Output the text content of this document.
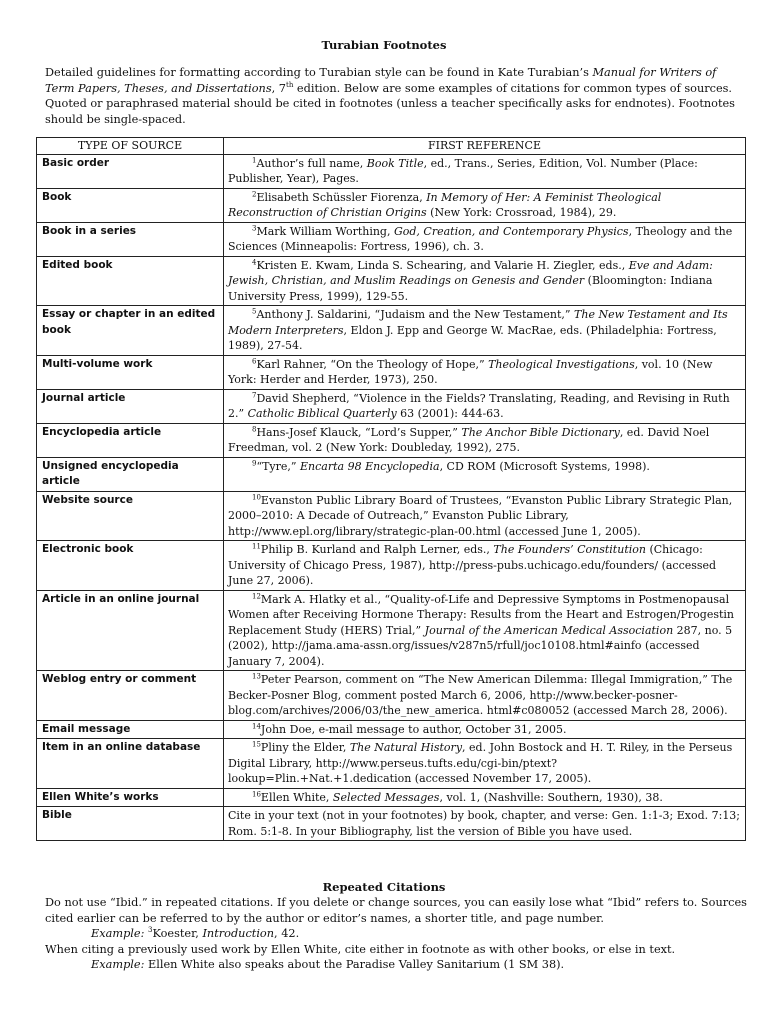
Turabian Footnotes
Detailed guidelines for formatting according to Turabian style can be found in Kate Turabian’s Manual for Writers of Term Papers, Theses, and Dissertations, 7th edition. Below are some examples of citations for common types of sources. Quoted or paraphrased material should be cited in footnotes (unless a teacher specifically asks for endnotes). Footnotes should be single-spaced.
TYPE OF SOURCE	FIRST REFERENCE
Basic order	$^1$Author’s full name, Book Title, ed., Trans., Series, Edition, Vol. Number (Place: Publisher, Year), Pages.
Book	$^2$Elisabeth Schüssler Fiorenza, In Memory of Her: A Feminist Theological Reconstruction of Christian Origins (New York: Crossroad, 1984), 29.
Book in a series	$^3$Mark William Worthing, God, Creation, and Contemporary Physics, Theology and the Sciences (Minneapolis: Fortress, 1996), ch. 3.
Edited book	$^4$Kristen E. Kwam, Linda S. Schearing, and Valarie H. Ziegler, eds., Eve and Adam: Jewish, Christian, and Muslim Readings on Genesis and Gender (Bloomington: Indiana University Press, 1999), 129-55.
Essay or chapter in an edited book	$^5$Anthony J. Saldarini, “Judaism and the New Testament,” The New Testament and Its Modern Interpreters, Eldon J. Epp and George W. MacRae, eds. (Philadelphia: Fortress, 1989), 27-54.
Multi-volume work	$^6$Karl Rahner, “On the Theology of Hope,” Theological Investigations, vol. 10 (New York: Herder and Herder, 1973), 250.
Journal article	$^7$David Shepherd, “Violence in the Fields? Translating, Reading, and Revising in Ruth 2.” Catholic Biblical Quarterly 63 (2001): 444-63.
Encyclopedia article	$^8$Hans-Josef Klauck, “Lord’s Supper,” The Anchor Bible Dictionary, ed. David Noel Freedman, vol. 2 (New York: Doubleday, 1992), 275.
Unsigned encyclopedia article	$^9$“Tyre,” Encarta 98 Encyclopedia, CD ROM (Microsoft Systems, 1998).
Website source	$^{10}$Evanston Public Library Board of Trustees, “Evanston Public Library Strategic Plan, 2000–2010: A Decade of Outreach,” Evanston Public Library, http://www.epl.org/library/strategic-plan-00.html (accessed June 1, 2005).
Electronic book	$^{11}$Philip B. Kurland and Ralph Lerner, eds., The Founders’ Constitution (Chicago: University of Chicago Press, 1987), http://press-pubs.uchicago.edu/founders/ (accessed June 27, 2006).
Article in an online journal	$^{12}$Mark A. Hlatky et al., “Quality-of-Life and Depressive Symptoms in Postmenopausal Women after Receiving Hormone Therapy: Results from the Heart and Estrogen/Progestin Replacement Study (HERS) Trial,” Journal of the American Medical Association 287, no. 5 (2002), http://jama.ama-assn.org/issues/v287n5/rfull/joc10108.html#ainfo (accessed January 7, 2004).
Weblog entry or comment	$^{13}$Peter Pearson, comment on “The New American Dilemma: Illegal Immigration,” The Becker-Posner Blog, comment posted March 6, 2006, http://www.becker-posner-blog.com/archives/2006/03/the_new_america. html#c080052 (accessed March 28, 2006).
Email message	$^{14}$John Doe, e-mail message to author, October 31, 2005.
Item in an online database	$^{15}$Pliny the Elder, The Natural History, ed. John Bostock and H. T. Riley, in the Perseus Digital Library, http://www.perseus.tufts.edu/cgi-bin/ptext? lookup=Plin.+Nat.+1.dedication (accessed November 17, 2005).
Ellen White’s works	$^{16}$Ellen White, Selected Messages, vol. 1, (Nashville: Southern, 1930), 38.
Bible	Cite in your text (not in your footnotes) by book, chapter, and verse: Gen. 1:1-3; Exod. 7:13; Rom. 5:1-8. In your Bibliography, list the version of Bible you have used.
Repeated Citations
Do not use “Ibid.” in repeated citations. If you delete or change sources, you can easily lose what “Ibid” refers to. Sources cited earlier can be referred to by the author or editor’s names, a shorter title, and page number.
Example: $^3$Koester, Introduction, 42.
When citing a previously used work by Ellen White, cite either in footnote as with other books, or else in text.
Example: Ellen White also speaks about the Paradise Valley Sanitarium (1 SM 38).
